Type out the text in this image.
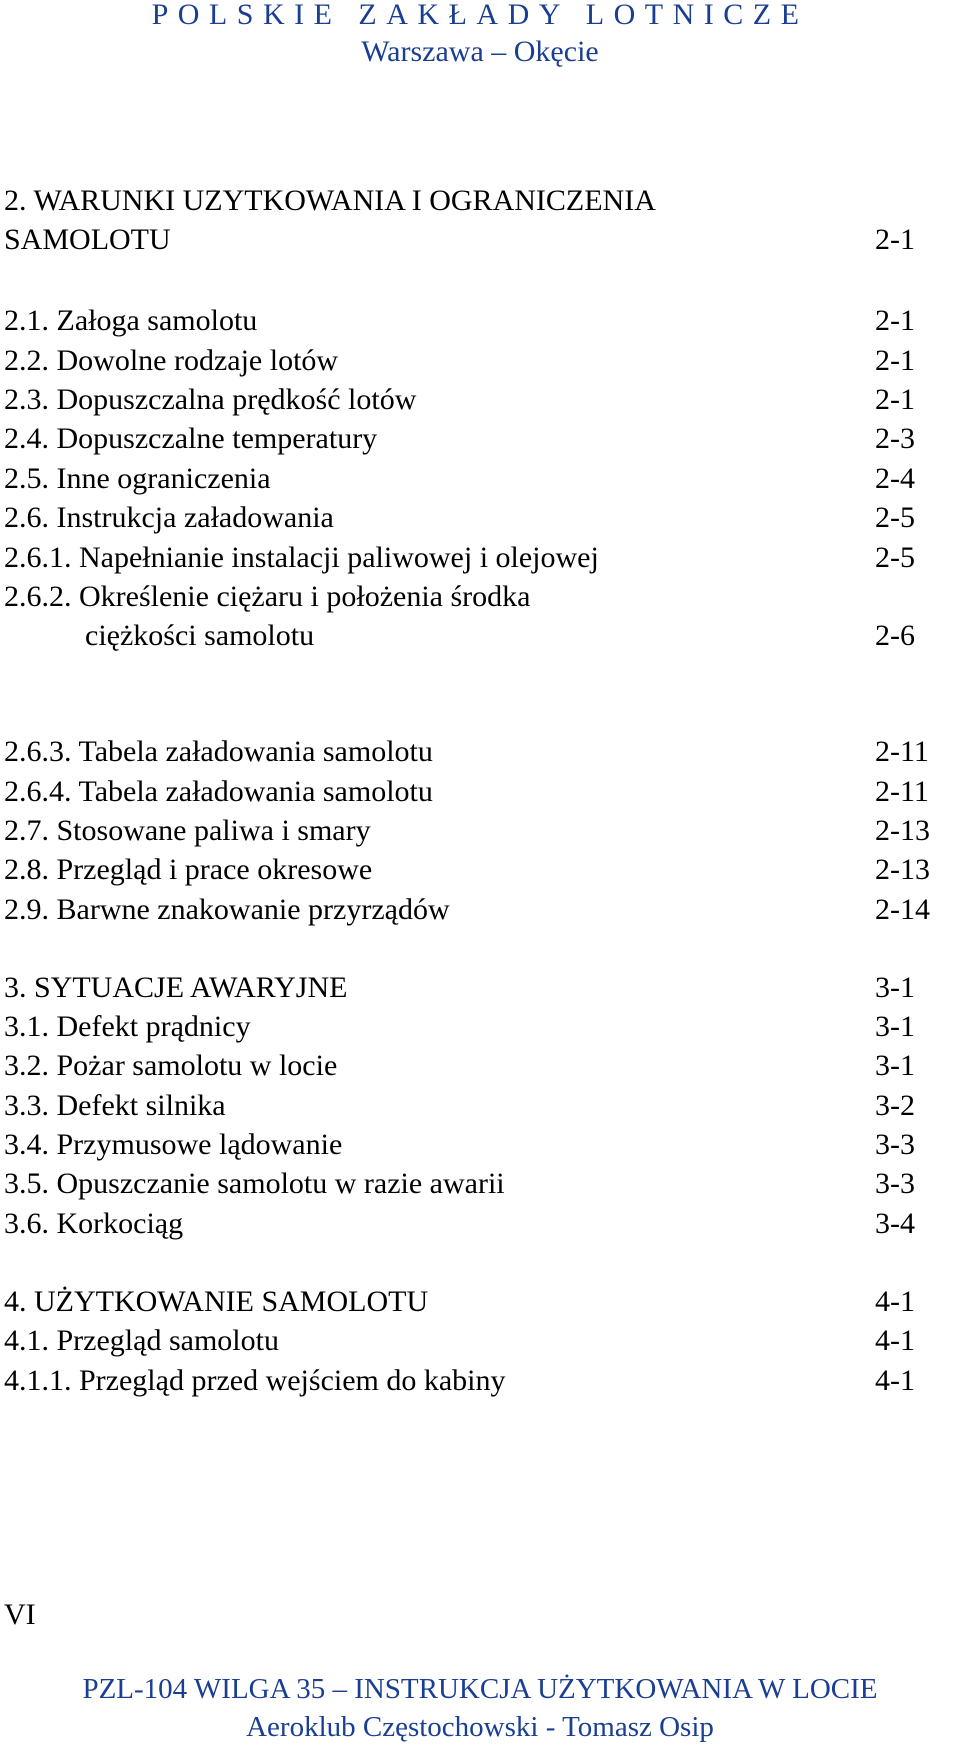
POLSKIE ZAKŁADY LOTNICZE
Warszawa – Okęcie
2. WARUNKI UZYTKOWANIA I OGRANICZENIA
SAMOLOTU	2-1
2.1. Załoga samolotu	2-1
2.2. Dowolne rodzaje lotów	2-1
2.3. Dopuszczalna prędkość lotów	2-1
2.4. Dopuszczalne temperatury	2-3
2.5. Inne ograniczenia	2-4
2.6. Instrukcja załadowania	2-5
2.6.1. Napełnianie instalacji paliwowej i olejowej	2-5
2.6.2. Określenie ciężaru i położenia środka
ciężkości samolotu	2-6
2.6.3. Tabela załadowania samolotu	2-11
2.6.4. Tabela załadowania samolotu	2-11
2.7. Stosowane paliwa i smary	2-13
2.8. Przegląd i prace okresowe	2-13
2.9. Barwne znakowanie przyrządów	2-14
3. SYTUACJE AWARYJNE	3-1
3.1. Defekt prądnicy	3-1
3.2. Pożar samolotu w locie	3-1
3.3. Defekt silnika	3-2
3.4. Przymusowe lądowanie	3-3
3.5. Opuszczanie samolotu w razie awarii	3-3
3.6. Korkociąg	3-4
4. UŻYTKOWANIE SAMOLOTU	4-1
4.1. Przegląd samolotu	4-1
4.1.1. Przegląd przed wejściem do kabiny	4-1
VI
PZL-104 WILGA 35 – INSTRUKCJA UŻYTKOWANIA W LOCIE
Aeroklub Częstochowski - Tomasz Osip
